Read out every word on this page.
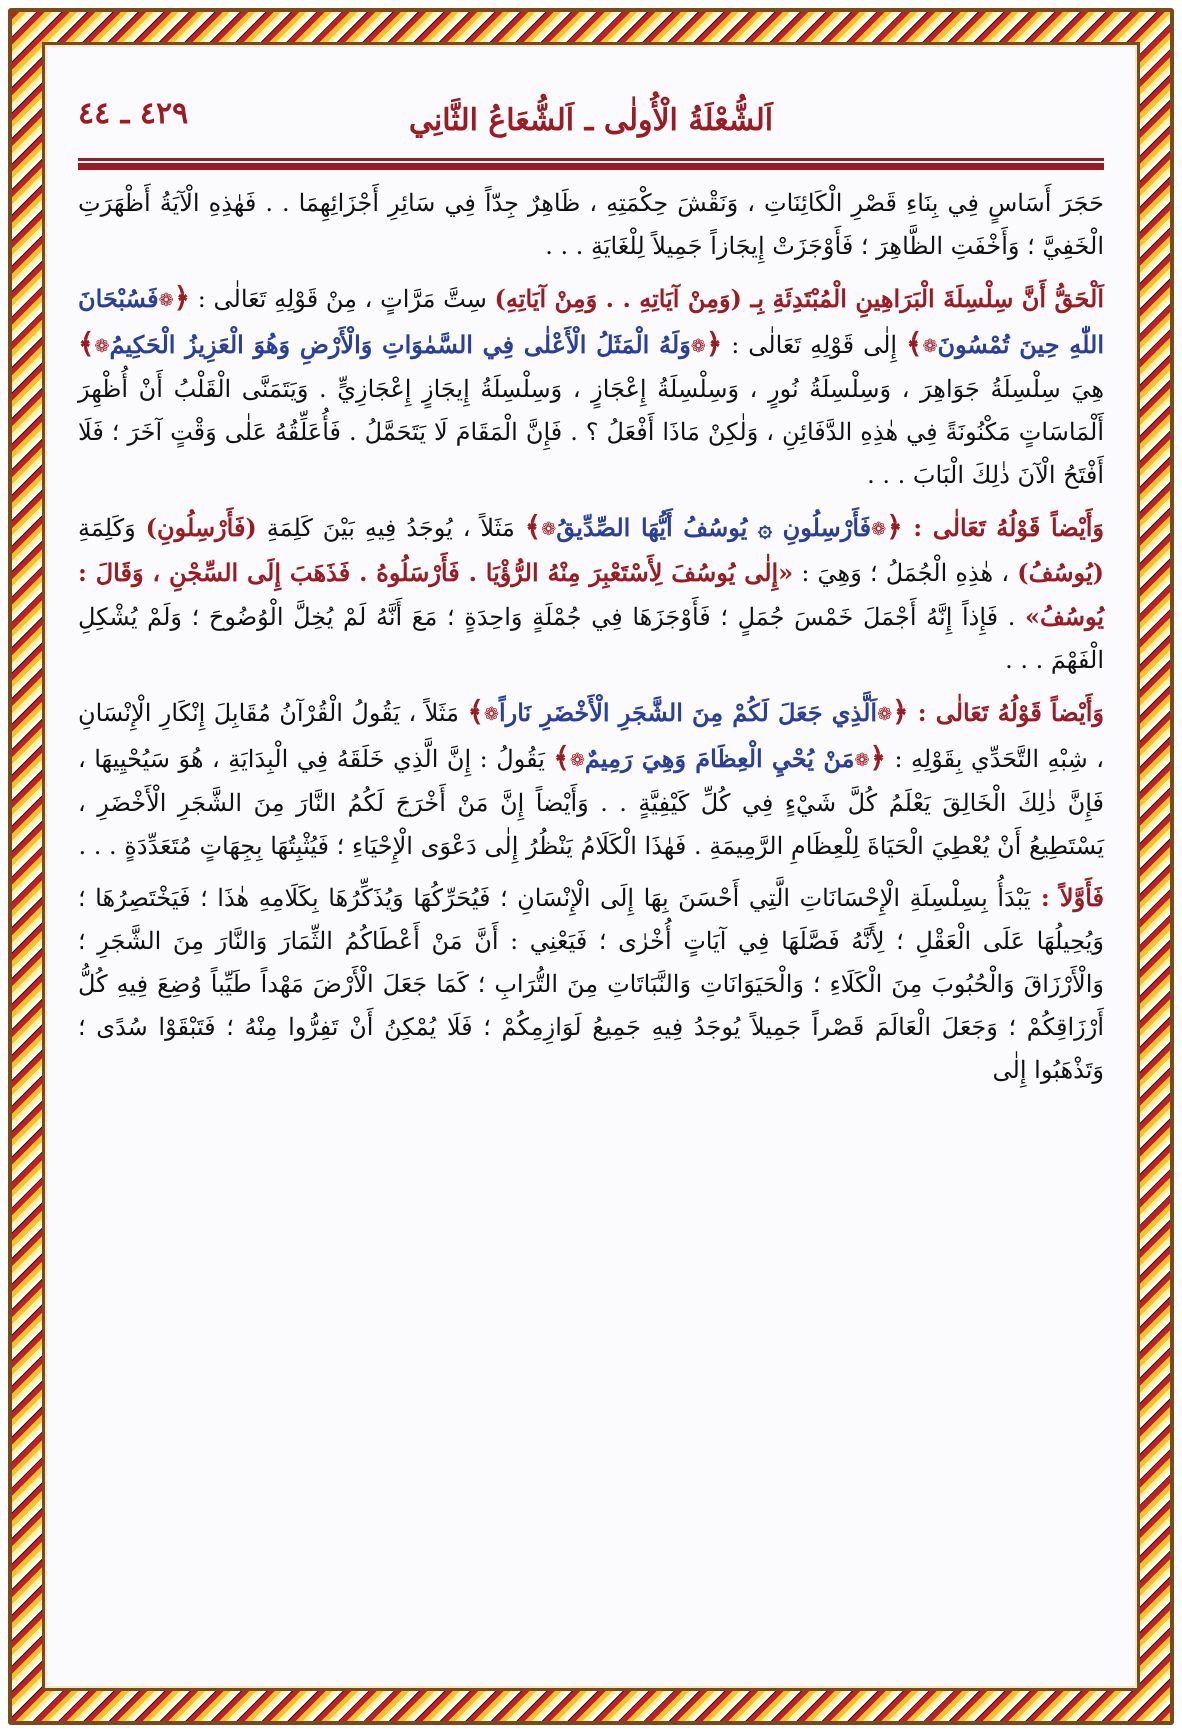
اَلشُّعْلَةُ الْأُولٰى ـ اَلشُّعَاعُ الثَّانِي
٤٢٩ ـ ٤٤

حَجَرَ أَسَاسٍ فِي بِنَاءِ قَصْرِ الْكَائِنَاتِ ، وَنَقْشَ حِكْمَتِهِ ، ظَاهِرٌ جِدّاً فِي سَائِرِ أَجْزَائِهِمَا . . فَهٰذِهِ الْآيَةُ أَظْهَرَتِ الْخَفِيَّ ؛ وَأَخْفَتِ الظَّاهِرَ ؛ فَأَوْجَزَتْ إِيجَازاً جَمِيلاً لِلْغَايَةِ . . .

اَلْحَقُّ أَنَّ سِلْسِلَةَ الْبَرَاهِينِ الْمُبْتَدِئَةِ بِـ (وَمِنْ آيَاتِهِ . . وَمِنْ آيَاتِهِ) سِتَّ مَرَّاتٍ ، مِنْ قَوْلِهِ تَعَالٰى : ﴿❁فَسُبْحَانَ اللّٰهِ حِينَ تُمْسُونَ❁﴾ إِلٰى قَوْلِهِ تَعَالٰى : ﴿❁وَلَهُ الْمَثَلُ الْأَعْلٰى فِي السَّمٰوَاتِ وَالْأَرْضِ وَهُوَ الْعَزِيزُ الْحَكِيمُ❁﴾ هِيَ سِلْسِلَةُ جَوَاهِرَ ، وَسِلْسِلَةُ نُورٍ ، وَسِلْسِلَةُ إِعْجَازٍ ، وَسِلْسِلَةُ إِيجَازٍ إِعْجَازِيٍّ . وَيَتَمَنَّى الْقَلْبُ أَنْ أُظْهِرَ أَلْمَاسَاتٍ مَكْنُونَةً فِي هٰذِهِ الدَّفَائِنِ ، وَلٰكِنْ مَاذَا أَفْعَلُ ؟ . فَإِنَّ الْمَقَامَ لَا يَتَحَمَّلُ . فَأُعَلِّقُهُ عَلٰى وَقْتٍ آخَرَ ؛ فَلَا أَفْتَحُ الْآنَ ذٰلِكَ الْبَابَ . . .

وَأَيْضاً قَوْلُهُ تَعَالٰى : ﴿❁فَأَرْسِلُونِ ۞ يُوسُفُ أَيُّهَا الصِّدِّيقُ❁﴾ مَثَلاً ، يُوجَدُ فِيهِ بَيْنَ كَلِمَةِ (فَأَرْسِلُونِ) وَكَلِمَةِ (يُوسُفُ) ، هٰذِهِ الْجُمَلُ ؛ وَهِيَ : «إِلٰى يُوسُفَ لِأَسْتَعْبِرَ مِنْهُ الرُّؤْيَا . فَأَرْسَلُوهُ . فَذَهَبَ إِلَى السِّجْنِ ، وَقَالَ : يُوسُفُ» . فَإِذاً إِنَّهُ أَجْمَلَ خَمْسَ جُمَلٍ ؛ فَأَوْجَزَهَا فِي جُمْلَةٍ وَاحِدَةٍ ؛ مَعَ أَنَّهُ لَمْ يُخِلَّ الْوُضُوحَ ؛ وَلَمْ يُشْكِلِ الْفَهْمَ . . .

وَأَيْضاً قَوْلُهُ تَعَالٰى : ﴿❁اَلَّذِي جَعَلَ لَكُمْ مِنَ الشَّجَرِ الْأَخْضَرِ نَاراً❁﴾ مَثَلاً ، يَقُولُ الْقُرْآنُ مُقَابِلَ إِنْكَارِ الْإِنْسَانِ ، شِبْهِ التَّحَدِّي بِقَوْلِهِ : ﴿❁مَنْ يُحْيِ الْعِظَامَ وَهِيَ رَمِيمٌ❁﴾ يَقُولُ : إِنَّ الَّذِي خَلَقَهُ فِي الْبِدَايَةِ ، هُوَ سَيُحْيِيهَا ، فَإِنَّ ذٰلِكَ الْخَالِقَ يَعْلَمُ كُلَّ شَيْءٍ فِي كُلِّ كَيْفِيَّةٍ . . وَأَيْضاً إِنَّ مَنْ أَخْرَجَ لَكُمُ النَّارَ مِنَ الشَّجَرِ الْأَخْضَرِ ، يَسْتَطِيعُ أَنْ يُعْطِيَ الْحَيَاةَ لِلْعِظَامِ الرَّمِيمَةِ . فَهٰذَا الْكَلَامُ يَنْظُرُ إِلٰى دَعْوَى الْإِحْيَاءِ ؛ فَيُثْبِتُهَا بِجِهَاتٍ مُتَعَدِّدَةٍ . . .

فَأَوَّلاً : يَبْدَأُ بِسِلْسِلَةِ الْإِحْسَانَاتِ الَّتِي أَحْسَنَ بِهَا إِلَى الْإِنْسَانِ ؛ فَيُحَرِّكُهَا وَيُذَكِّرُهَا بِكَلَامِهِ هٰذَا ؛ فَيَخْتَصِرُهَا ؛ وَيُحِيلُهَا عَلَى الْعَقْلِ ؛ لِأَنَّهُ فَصَّلَهَا فِي آيَاتٍ أُخْرٰى ؛ فَيَعْنِي : أَنَّ مَنْ أَعْطَاكُمُ الثِّمَارَ وَالنَّارَ مِنَ الشَّجَرِ ؛ وَالْأَرْزَاقَ وَالْحُبُوبَ مِنَ الْكَلَاءِ ؛ وَالْحَيَوَانَاتِ وَالنَّبَاتَاتِ مِنَ التُّرَابِ ؛ كَمَا جَعَلَ الْأَرْضَ مَهْداً طَيِّباً وُضِعَ فِيهِ كُلُّ أَرْزَاقِكُمْ ؛ وَجَعَلَ الْعَالَمَ قَصْراً جَمِيلاً يُوجَدُ فِيهِ جَمِيعُ لَوَازِمِكُمْ ؛ فَلَا يُمْكِنُ أَنْ تَفِرُّوا مِنْهُ ؛ فَتَبْقَوْا سُدًى ؛ وَتَذْهَبُوا إِلٰى
